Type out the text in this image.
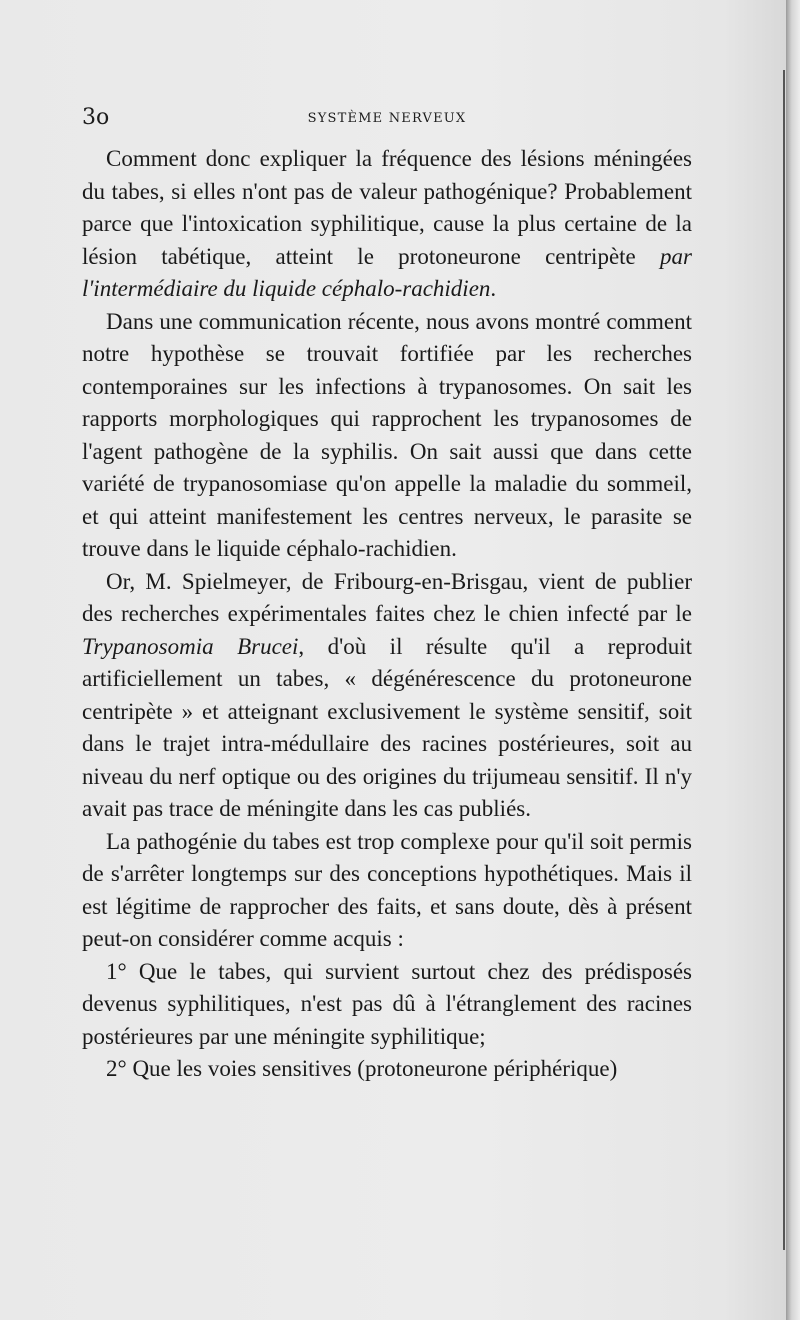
3o	SYSTÈME NERVEUX

Comment donc expliquer la fréquence des lésions méningées du tabes, si elles n'ont pas de valeur pathogénique? Probablement parce que l'intoxication syphilitique, cause la plus certaine de la lésion tabétique, atteint le protoneurone centripète par l'intermédiaire du liquide céphalo-rachidien.

Dans une communication récente, nous avons montré comment notre hypothèse se trouvait fortifiée par les recherches contemporaines sur les infections à trypanosomes. On sait les rapports morphologiques qui rapprochent les trypanosomes de l'agent pathogène de la syphilis. On sait aussi que dans cette variété de trypanosomiase qu'on appelle la maladie du sommeil, et qui atteint manifestement les centres nerveux, le parasite se trouve dans le liquide céphalo-rachidien.

Or, M. Spielmeyer, de Fribourg-en-Brisgau, vient de publier des recherches expérimentales faites chez le chien infecté par le Trypanosomia Brucei, d'où il résulte qu'il a reproduit artificiellement un tabes, « dégénérescence du protoneurone centripète » et atteignant exclusivement le système sensitif, soit dans le trajet intra-médullaire des racines postérieures, soit au niveau du nerf optique ou des origines du trijumeau sensitif. Il n'y avait pas trace de méningite dans les cas publiés.

La pathogénie du tabes est trop complexe pour qu'il soit permis de s'arrêter longtemps sur des conceptions hypothétiques. Mais il est légitime de rapprocher des faits, et sans doute, dès à présent peut-on considérer comme acquis :

1° Que le tabes, qui survient surtout chez des prédisposés devenus syphilitiques, n'est pas dû à l'étranglement des racines postérieures par une méningite syphilitique;

2° Que les voies sensitives (protoneurone périphérique)
